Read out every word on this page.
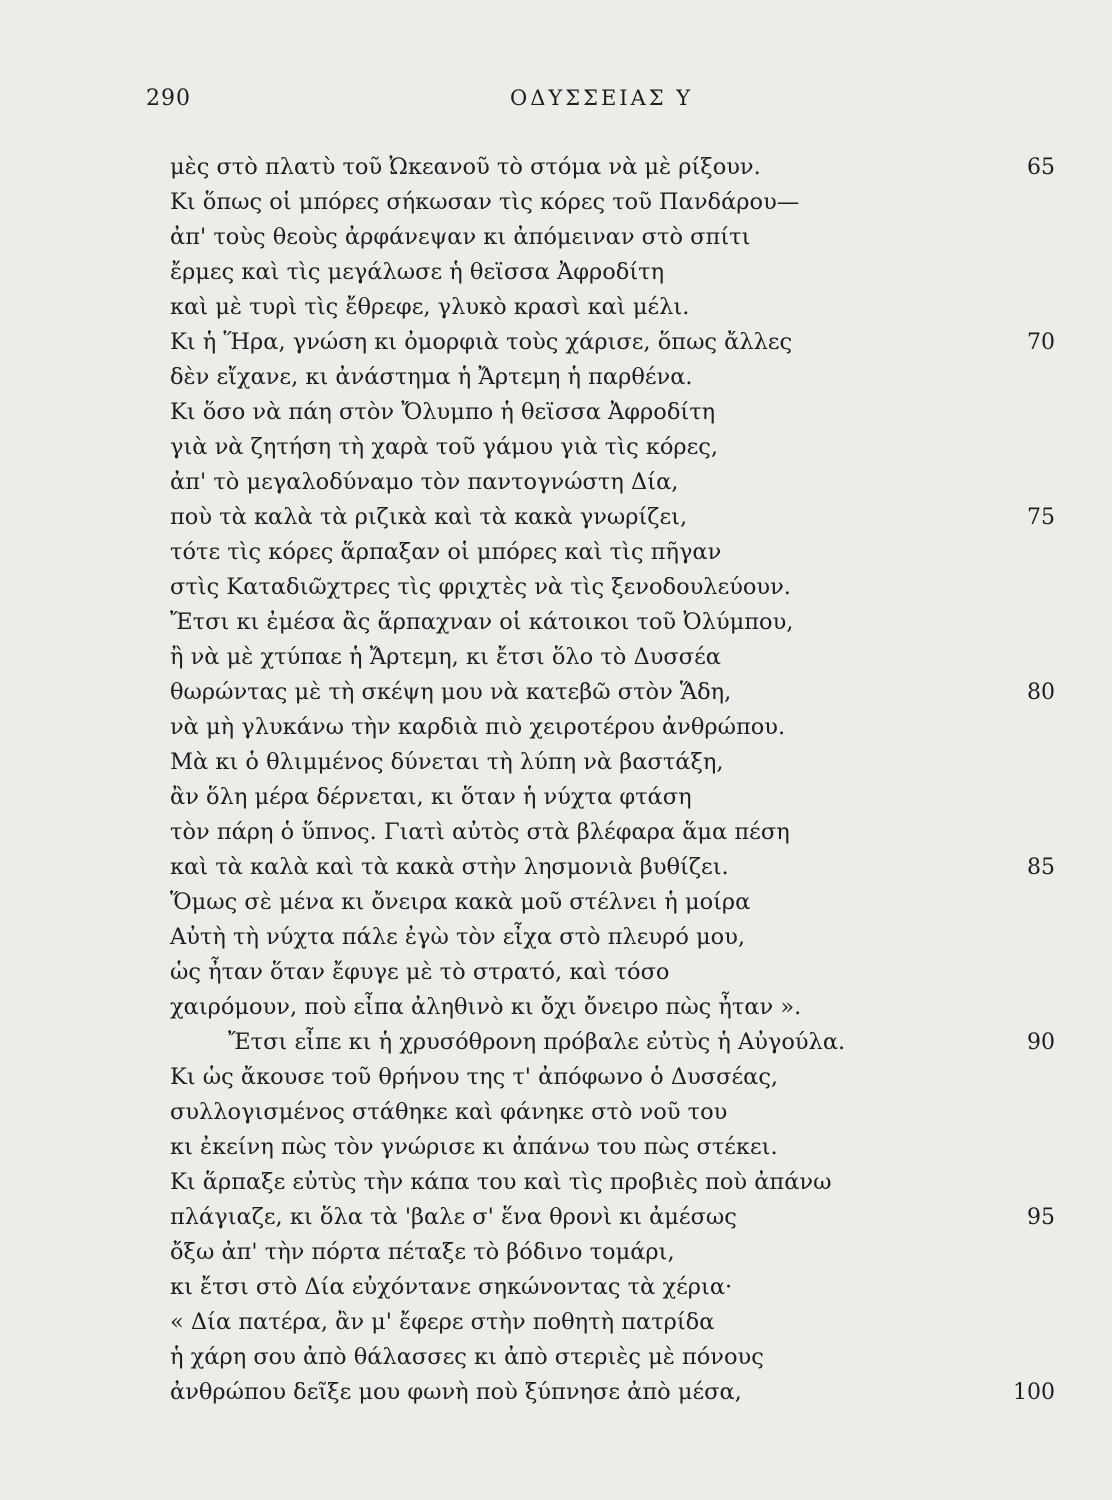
290	ΟΔΥΣΣΕΙΑΣ Υ
μὲς στὸ πλατὺ τοῦ Ὠκεανοῦ τὸ στόμα νὰ μὲ ρίξουν.
Κι ὅπως οἱ μπόρες σήκωσαν τὶς κόρες τοῦ Πανδάρου—
ἀπ' τοὺς θεοὺς ἀρφάνεψαν κι ἀπόμειναν στὸ σπίτι
ἔρμες καὶ τὶς μεγάλωσε ἡ θεϊσσα Ἀφροδίτη
καὶ μὲ τυρὶ τὶς ἔθρεφε, γλυκὸ κρασὶ καὶ μέλι.
Κι ἡ Ἥρα, γνώση κι ὀμορφιὰ τοὺς χάρισε, ὅπως ἄλλες
δὲν εἴχανε, κι ἀνάστημα ἡ Ἄρτεμη ἡ παρθένα.
Κι ὅσο νὰ πάη στὸν Ὄλυμπο ἡ θεϊσσα Ἀφροδίτη
γιὰ νὰ ζητήση τὴ χαρὰ τοῦ γάμου γιὰ τὶς κόρες,
ἀπ' τὸ μεγαλοδύναμο τὸν παντογνώστη Δία,
ποὺ τὰ καλὰ τὰ ριζικὰ καὶ τὰ κακὰ γνωρίζει,
τότε τὶς κόρες ἅρπαξαν οἱ μπόρες καὶ τὶς πῆγαν
στὶς Καταδιῶχτρες τὶς φριχτὲς νὰ τὶς ξενοδουλεύουν.
Ἔτσι κι ἐμέσα ἂς ἅρπαχναν οἱ κάτοικοι τοῦ Ὀλύμπου,
ἢ νὰ μὲ χτύπαε ἡ Ἄρτεμη, κι ἔτσι ὅλο τὸ Δυσσέα
θωρώντας μὲ τὴ σκέψη μου νὰ κατεβῶ στὸν Ἅδη,
νὰ μὴ γλυκάνω τὴν καρδιὰ πιὸ χειροτέρου ἀνθρώπου.
Μὰ κι ὁ θλιμμένος δύνεται τὴ λύπη νὰ βαστάξη,
ἂν ὅλη μέρα δέρνεται, κι ὅταν ἡ νύχτα φτάση
τὸν πάρη ὁ ὕπνος. Γιατὶ αὐτὸς στὰ βλέφαρα ἅμα πέση
καὶ τὰ καλὰ καὶ τὰ κακὰ στὴν λησμονιὰ βυθίζει.
Ὅμως σὲ μένα κι ὄνειρα κακὰ μοῦ στέλνει ἡ μοίρα
Αὐτὴ τὴ νύχτα πάλε ἐγὼ τὸν εἶχα στὸ πλευρό μου,
ὡς ἦταν ὅταν ἔφυγε μὲ τὸ στρατό, καὶ τόσο
χαιρόμουν, ποὺ εἶπα ἀληθινὸ κι ὄχι ὄνειρο πὼς ἦταν ».
Ἔτσι εἶπε κι ἡ χρυσόθρονη πρόβαλε εὐτὺς ἡ Αὐγούλα.
Κι ὡς ἄκουσε τοῦ θρήνου της τ' ἀπόφωνο ὁ Δυσσέας,
συλλογισμένος στάθηκε καὶ φάνηκε στὸ νοῦ του
κι ἐκείνη πὼς τὸν γνώρισε κι ἀπάνω του πὼς στέκει.
Κι ἅρπαξε εὐτὺς τὴν κάπα του καὶ τὶς προβιὲς ποὺ ἀπάνω
πλάγιαζε, κι ὅλα τὰ 'βαλε σ' ἕνα θρονὶ κι ἀμέσως
ὄξω ἀπ' τὴν πόρτα πέταξε τὸ βόδινο τομάρι,
κι ἔτσι στὸ Δία εὐχόντανε σηκώνοντας τὰ χέρια·
« Δία πατέρα, ἂν μ' ἔφερε στὴν ποθητὴ πατρίδα
ἡ χάρη σου ἀπὸ θάλασσες κι ἀπὸ στεριὲς μὲ πόνους
ἀνθρώπου δεῖξε μου φωνὴ ποὺ ξύπνησε ἀπὸ μέσα,
65
70
75
80
85
90
95
100
